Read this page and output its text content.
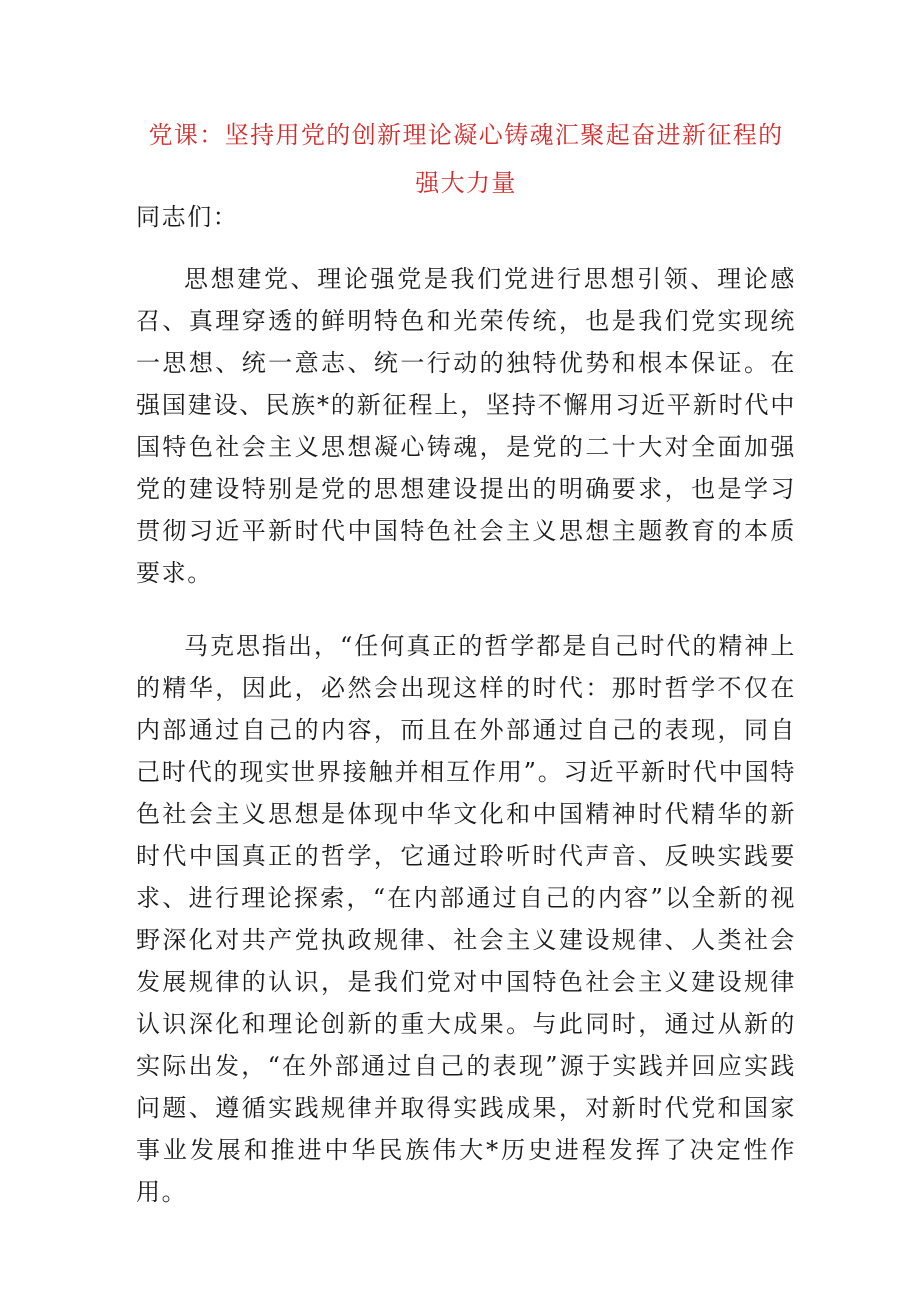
党课：坚持用党的创新理论凝心铸魂汇聚起奋进新征程的强大力量

同志们：

思想建党、理论强党是我们党进行思想引领、理论感召、真理穿透的鲜明特色和光荣传统，也是我们党实现统一思想、统一意志、统一行动的独特优势和根本保证。在强国建设、民族*的新征程上，坚持不懈用习近平新时代中国特色社会主义思想凝心铸魂，是党的二十大对全面加强党的建设特别是党的思想建设提出的明确要求，也是学习贯彻习近平新时代中国特色社会主义思想主题教育的本质要求。

马克思指出，“任何真正的哲学都是自己时代的精神上的精华，因此，必然会出现这样的时代：那时哲学不仅在内部通过自己的内容，而且在外部通过自己的表现，同自己时代的现实世界接触并相互作用”。习近平新时代中国特色社会主义思想是体现中华文化和中国精神时代精华的新时代中国真正的哲学，它通过聆听时代声音、反映实践要求、进行理论探索，“在内部通过自己的内容”以全新的视野深化对共产党执政规律、社会主义建设规律、人类社会发展规律的认识，是我们党对中国特色社会主义建设规律认识深化和理论创新的重大成果。与此同时，通过从新的实际出发，“在外部通过自己的表现”源于实践并回应实践问题、遵循实践规律并取得实践成果，对新时代党和国家事业发展和推进中华民族伟大*历史进程发挥了决定性作用。
